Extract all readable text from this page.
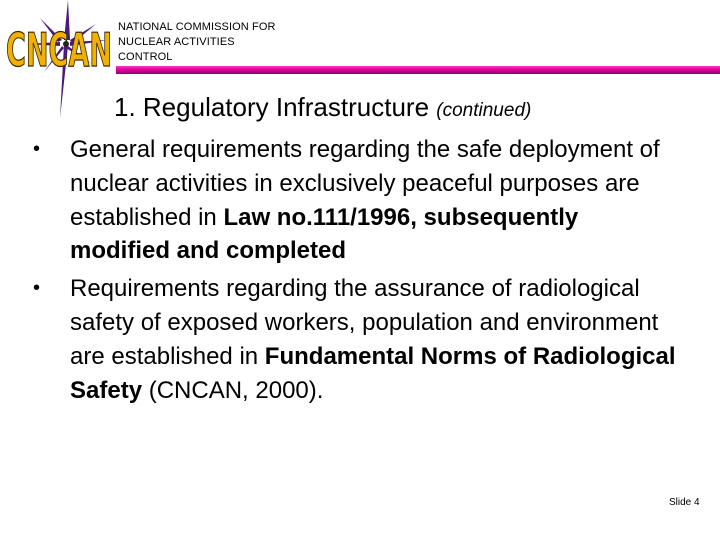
CNCAN NATIONAL COMMISSION FOR
NUCLEAR ACTIVITIES
CONTROL
1. Regulatory Infrastructure (continued)
• General requirements regarding the safe deployment of nuclear activities in exclusively peaceful purposes are established in Law no.111/1996, subsequently modified and completed
• Requirements regarding the assurance of radiological safety of exposed workers, population and environment are established in Fundamental Norms of Radiological Safety (CNCAN, 2000).
Slide 4
